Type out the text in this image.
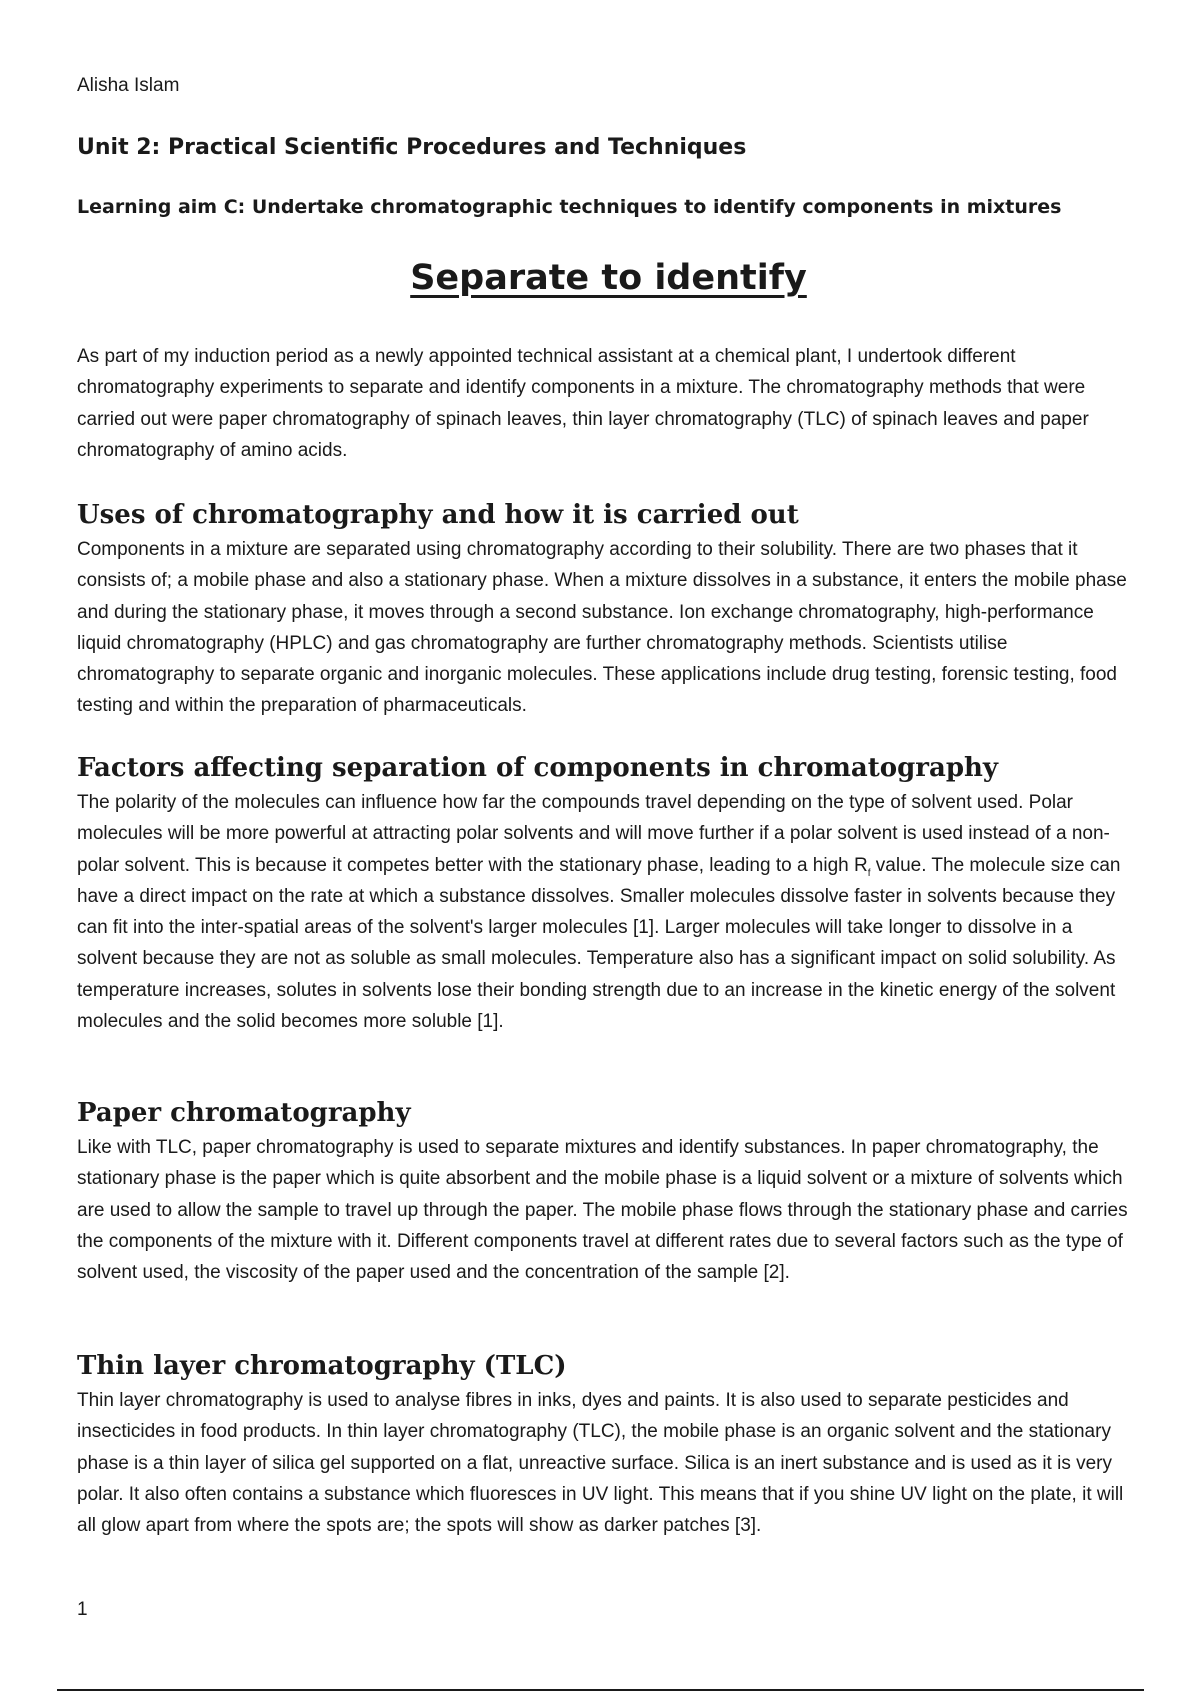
Alisha Islam
Unit 2: Practical Scientific Procedures and Techniques
Learning aim C: Undertake chromatographic techniques to identify components in mixtures
Separate to identify

As part of my induction period as a newly appointed technical assistant at a chemical plant, I undertook different chromatography experiments to separate and identify components in a mixture. The chromatography methods that were carried out were paper chromatography of spinach leaves, thin layer chromatography (TLC) of spinach leaves and paper chromatography of amino acids.

Uses of chromatography and how it is carried out

Components in a mixture are separated using chromatography according to their solubility. There are two phases that it consists of; a mobile phase and also a stationary phase. When a mixture dissolves in a substance, it enters the mobile phase and during the stationary phase, it moves through a second substance. Ion exchange chromatography, high-performance liquid chromatography (HPLC) and gas chromatography are further chromatography methods. Scientists utilise chromatography to separate organic and inorganic molecules. These applications include drug testing, forensic testing, food testing and within the preparation of pharmaceuticals.

Factors affecting separation of components in chromatography

The polarity of the molecules can influence how far the compounds travel depending on the type of solvent used. Polar molecules will be more powerful at attracting polar solvents and will move further if a polar solvent is used instead of a non-polar solvent. This is because it competes better with the stationary phase, leading to a high $R_f$ value. The molecule size can have a direct impact on the rate at which a substance dissolves. Smaller molecules dissolve faster in solvents because they can fit into the inter-spatial areas of the solvent's larger molecules [1]. Larger molecules will take longer to dissolve in a solvent because they are not as soluble as small molecules. Temperature also has a significant impact on solid solubility. As temperature increases, solutes in solvents lose their bonding strength due to an increase in the kinetic energy of the solvent molecules and the solid becomes more soluble [1].

Paper chromatography

Like with TLC, paper chromatography is used to separate mixtures and identify substances. In paper chromatography, the stationary phase is the paper which is quite absorbent and the mobile phase is a liquid solvent or a mixture of solvents which are used to allow the sample to travel up through the paper. The mobile phase flows through the stationary phase and carries the components of the mixture with it. Different components travel at different rates due to several factors such as the type of solvent used, the viscosity of the paper used and the concentration of the sample [2].

Thin layer chromatography (TLC)

Thin layer chromatography is used to analyse fibres in inks, dyes and paints. It is also used to separate pesticides and insecticides in food products. In thin layer chromatography (TLC), the mobile phase is an organic solvent and the stationary phase is a thin layer of silica gel supported on a flat, unreactive surface. Silica is an inert substance and is used as it is very polar. It also often contains a substance which fluoresces in UV light. This means that if you shine UV light on the plate, it will all glow apart from where the spots are; the spots will show as darker patches [3].

1
